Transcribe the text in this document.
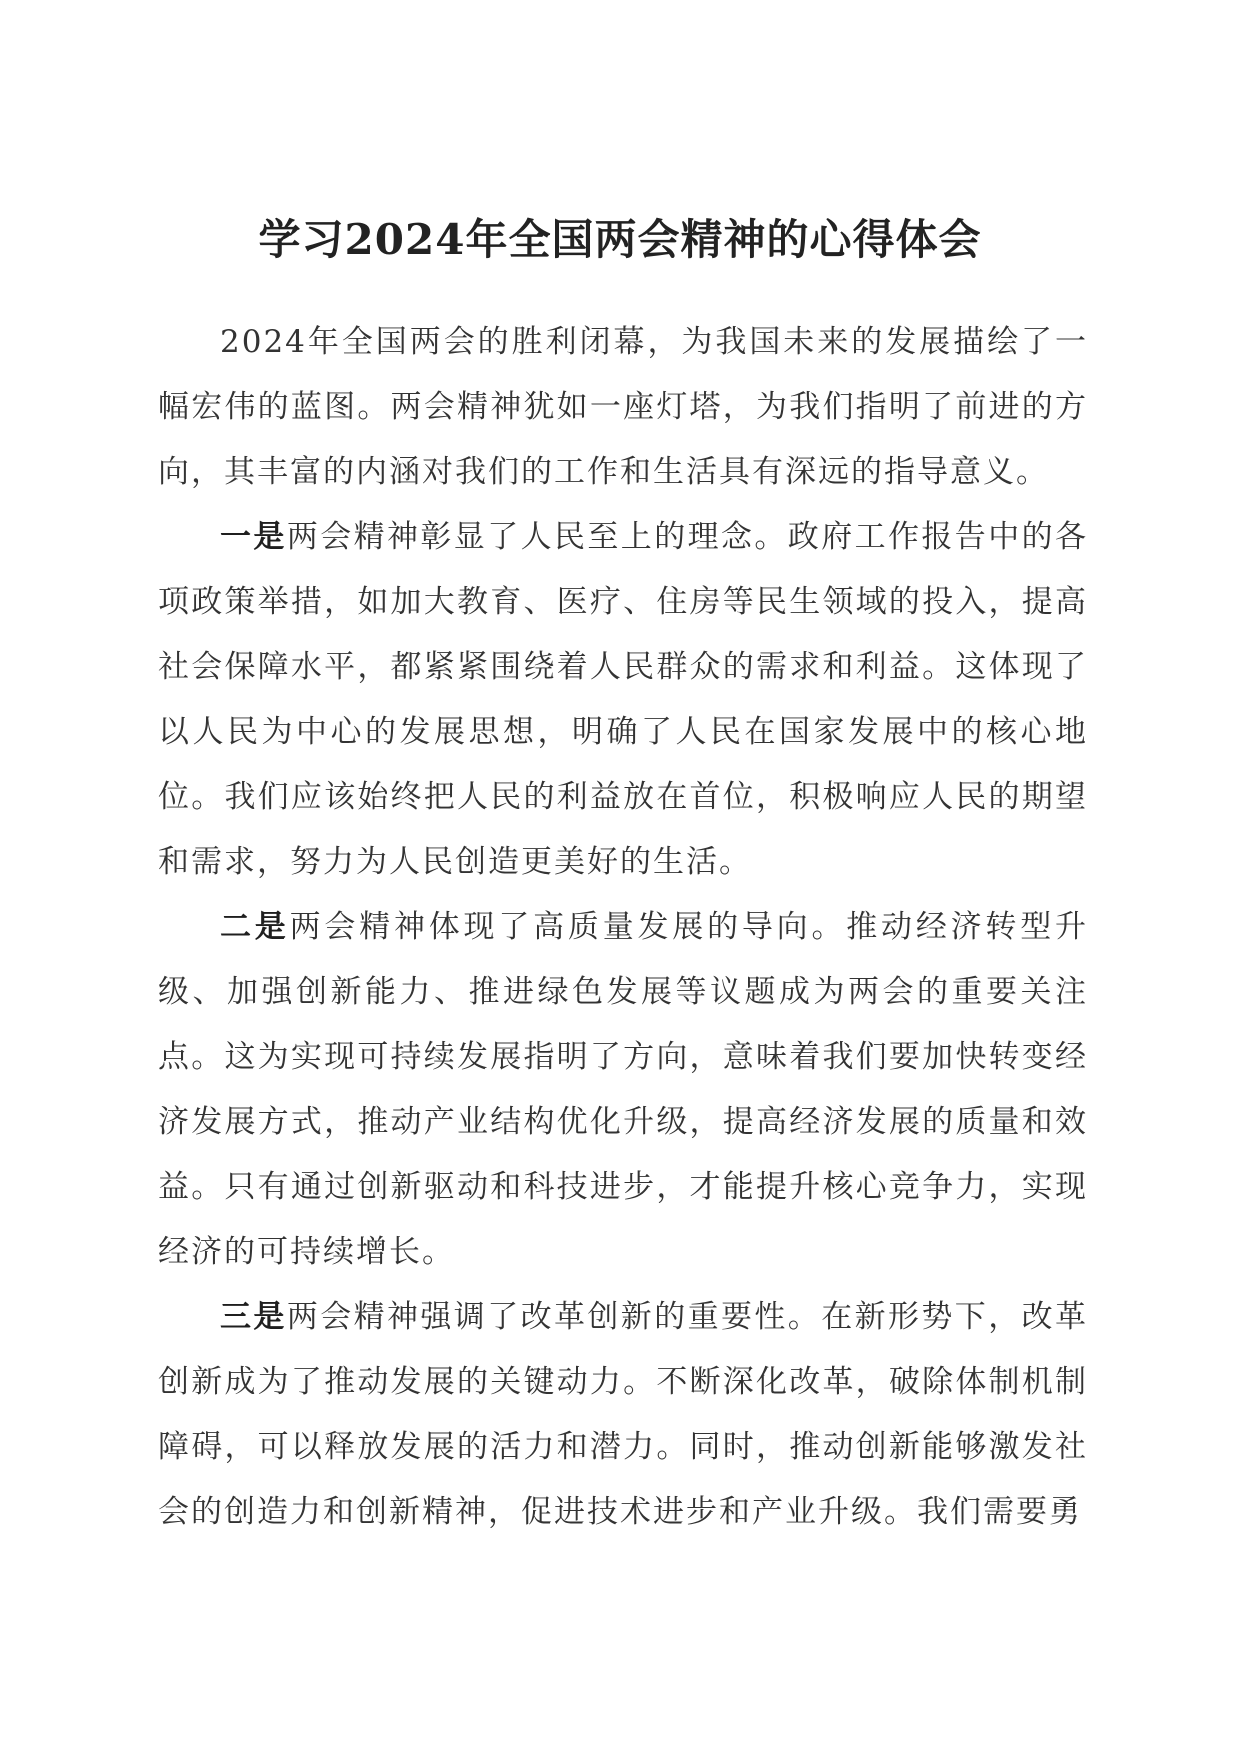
学习2024年全国两会精神的心得体会

2024年全国两会的胜利闭幕，为我国未来的发展描绘了一幅宏伟的蓝图。两会精神犹如一座灯塔，为我们指明了前进的方向，其丰富的内涵对我们的工作和生活具有深远的指导意义。

一是两会精神彰显了人民至上的理念。政府工作报告中的各项政策举措，如加大教育、医疗、住房等民生领域的投入，提高社会保障水平，都紧紧围绕着人民群众的需求和利益。这体现了以人民为中心的发展思想，明确了人民在国家发展中的核心地位。我们应该始终把人民的利益放在首位，积极响应人民的期望和需求，努力为人民创造更美好的生活。

二是两会精神体现了高质量发展的导向。推动经济转型升级、加强创新能力、推进绿色发展等议题成为两会的重要关注点。这为实现可持续发展指明了方向，意味着我们要加快转变经济发展方式，推动产业结构优化升级，提高经济发展的质量和效益。只有通过创新驱动和科技进步，才能提升核心竞争力，实现经济的可持续增长。

三是两会精神强调了改革创新的重要性。在新形势下，改革创新成为了推动发展的关键动力。不断深化改革，破除体制机制障碍，可以释放发展的活力和潜力。同时，推动创新能够激发社会的创造力和创新精神，促进技术进步和产业升级。我们需要勇
